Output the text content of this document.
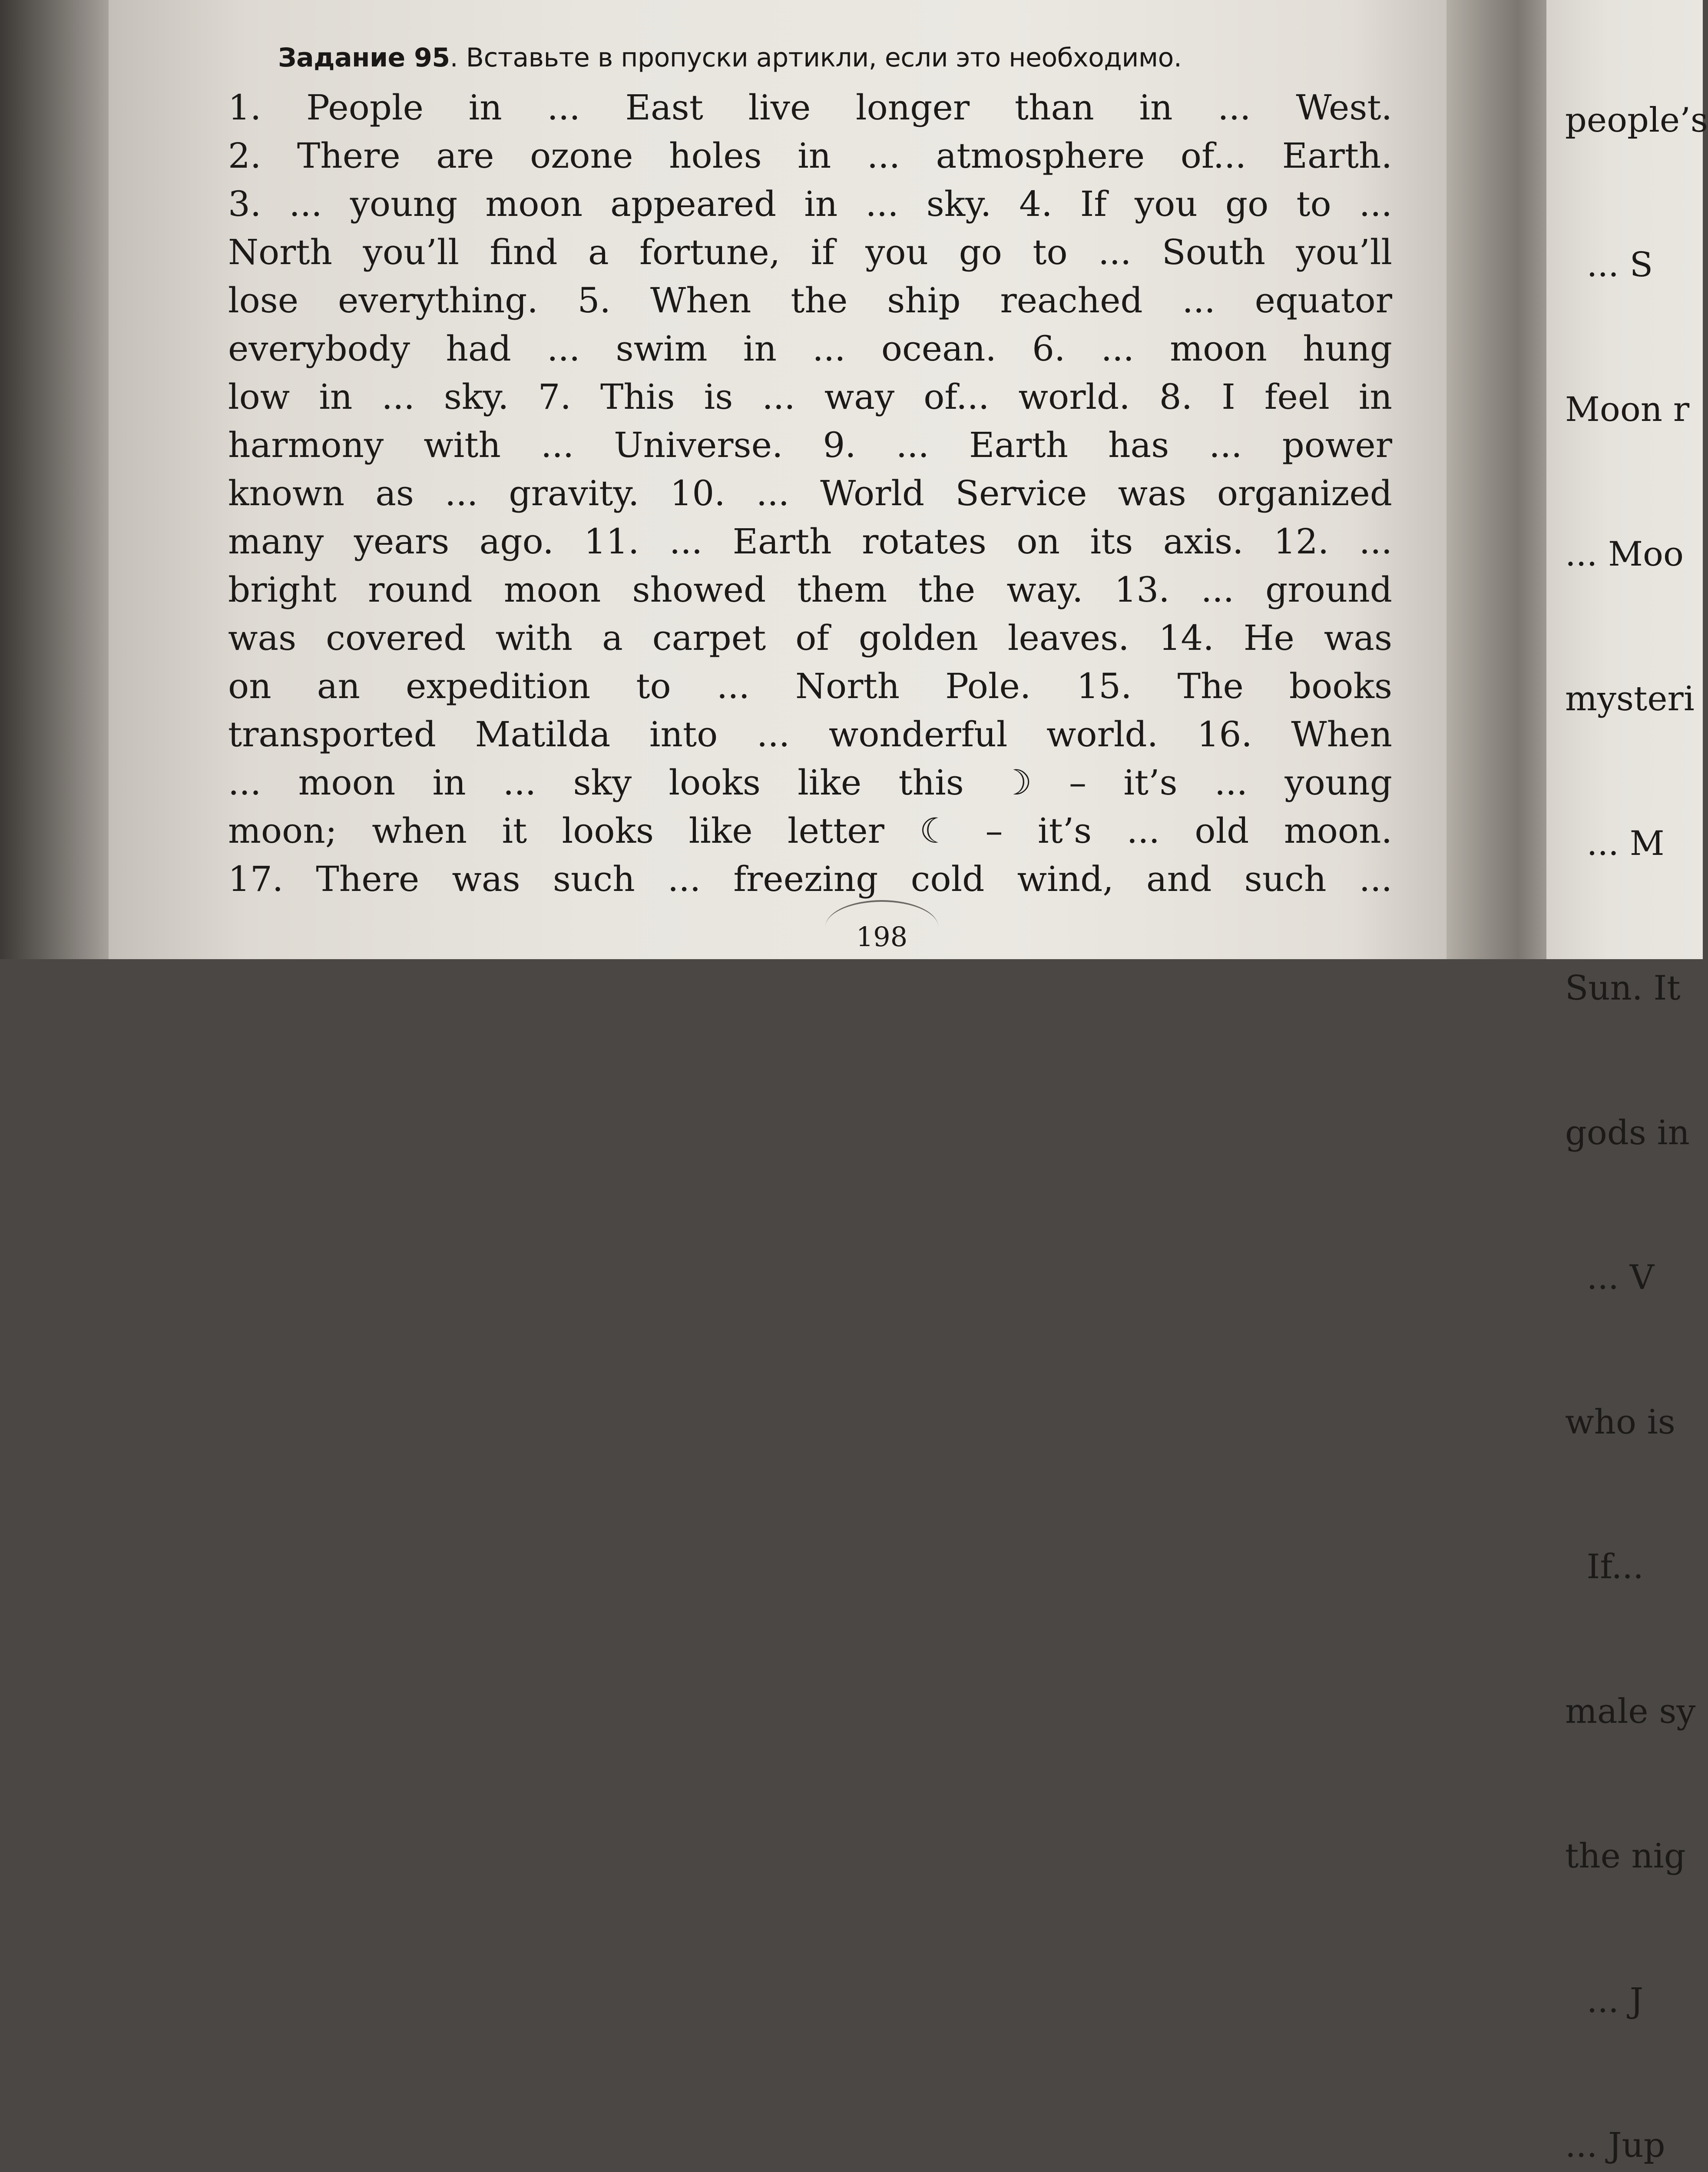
Задание 95. Вставьте в пропуски артикли, если это необходимо.

1. People in ... East live longer than in ... West.
2. There are ozone holes in ... atmosphere of... Earth.
3. ... young moon appeared in ... sky. 4. If you go to ...
North you’ll find a fortune, if you go to ... South you’ll
lose everything. 5. When the ship reached ... equator
everybody had ... swim in ... ocean. 6. ... moon hung
low in ... sky. 7. This is ... way of... world. 8. I feel in
harmony with ... Universe. 9. ... Earth has ... power
known as ... gravity. 10. ... World Service was organized
many years ago. 11. ... Earth rotates on its axis. 12. ...
bright round moon showed them the way. 13. ... ground
was covered with a carpet of golden leaves. 14. He was
on an expedition to ... North Pole. 15. The books
transported Matilda into ... wonderful world. 16. When
... moon in ... sky looks like this ☽ – it’s ... young
moon; when it looks like letter ☾ – it’s ... old moon.
17. There was such ... freezing cold wind, and such ...
198

people’s

... S

Moon r

... Moo

mysteri

... M

Sun. It

gods in

... V

who is

If...

male sy

the nig

... J

... Jup
